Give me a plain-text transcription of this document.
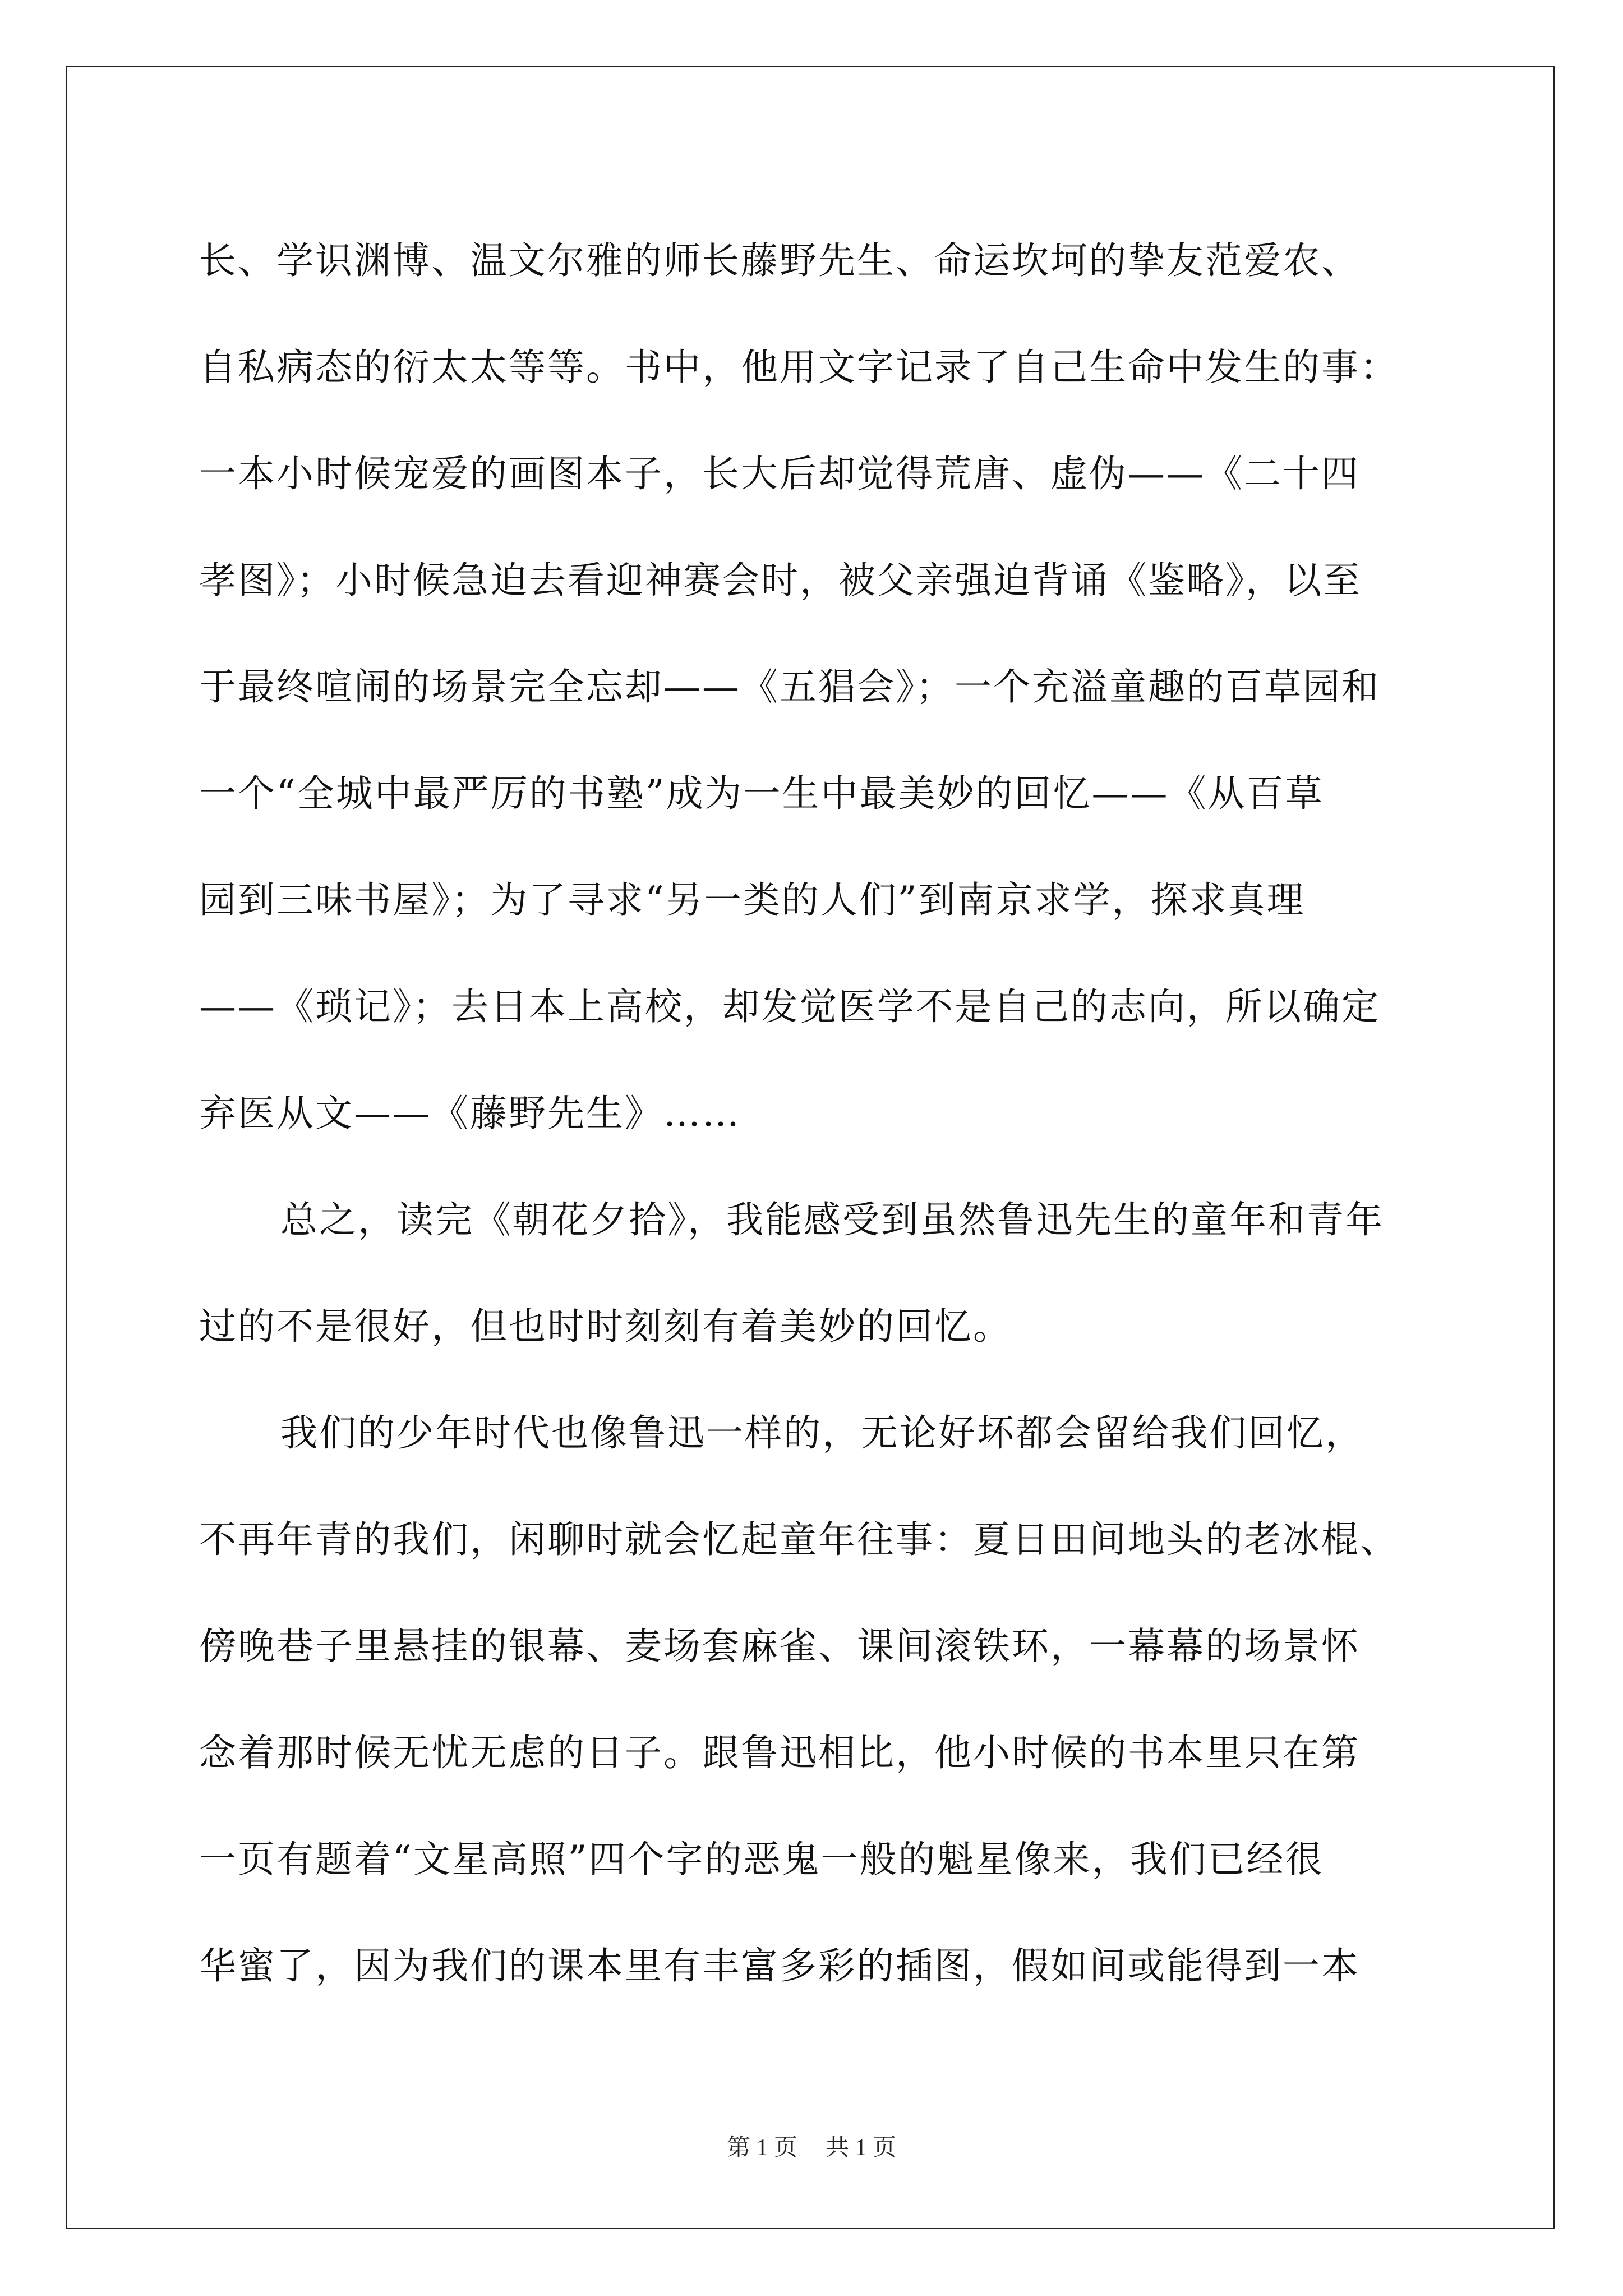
长、学识渊博、温文尔雅的师长藤野先生、命运坎坷的挚友范爱农、
自私病态的衍太太等等。书中，他用文字记录了自己生命中发生的事：
一本小时候宠爱的画图本子，长大后却觉得荒唐、虚伪——《二十四
孝图》；小时候急迫去看迎神赛会时，被父亲强迫背诵《鉴略》，以至
于最终喧闹的场景完全忘却——《五猖会》；一个充溢童趣的百草园和
一个“全城中最严厉的书塾”成为一生中最美妙的回忆——《从百草
园到三味书屋》；为了寻求“另一类的人们”到南京求学，探求真理
——《琐记》；去日本上高校，却发觉医学不是自己的志向，所以确定
弃医从文——《藤野先生》……
总之，读完《朝花夕拾》，我能感受到虽然鲁迅先生的童年和青年
过的不是很好，但也时时刻刻有着美妙的回忆。
我们的少年时代也像鲁迅一样的，无论好坏都会留给我们回忆，
不再年青的我们，闲聊时就会忆起童年往事：夏日田间地头的老冰棍、
傍晚巷子里悬挂的银幕、麦场套麻雀、课间滚铁环，一幕幕的场景怀
念着那时候无忧无虑的日子。跟鲁迅相比，他小时候的书本里只在第
一页有题着“文星高照”四个字的恶鬼一般的魁星像来，我们已经很
华蜜了，因为我们的课本里有丰富多彩的插图，假如间或能得到一本
第 1 页 共 1 页
